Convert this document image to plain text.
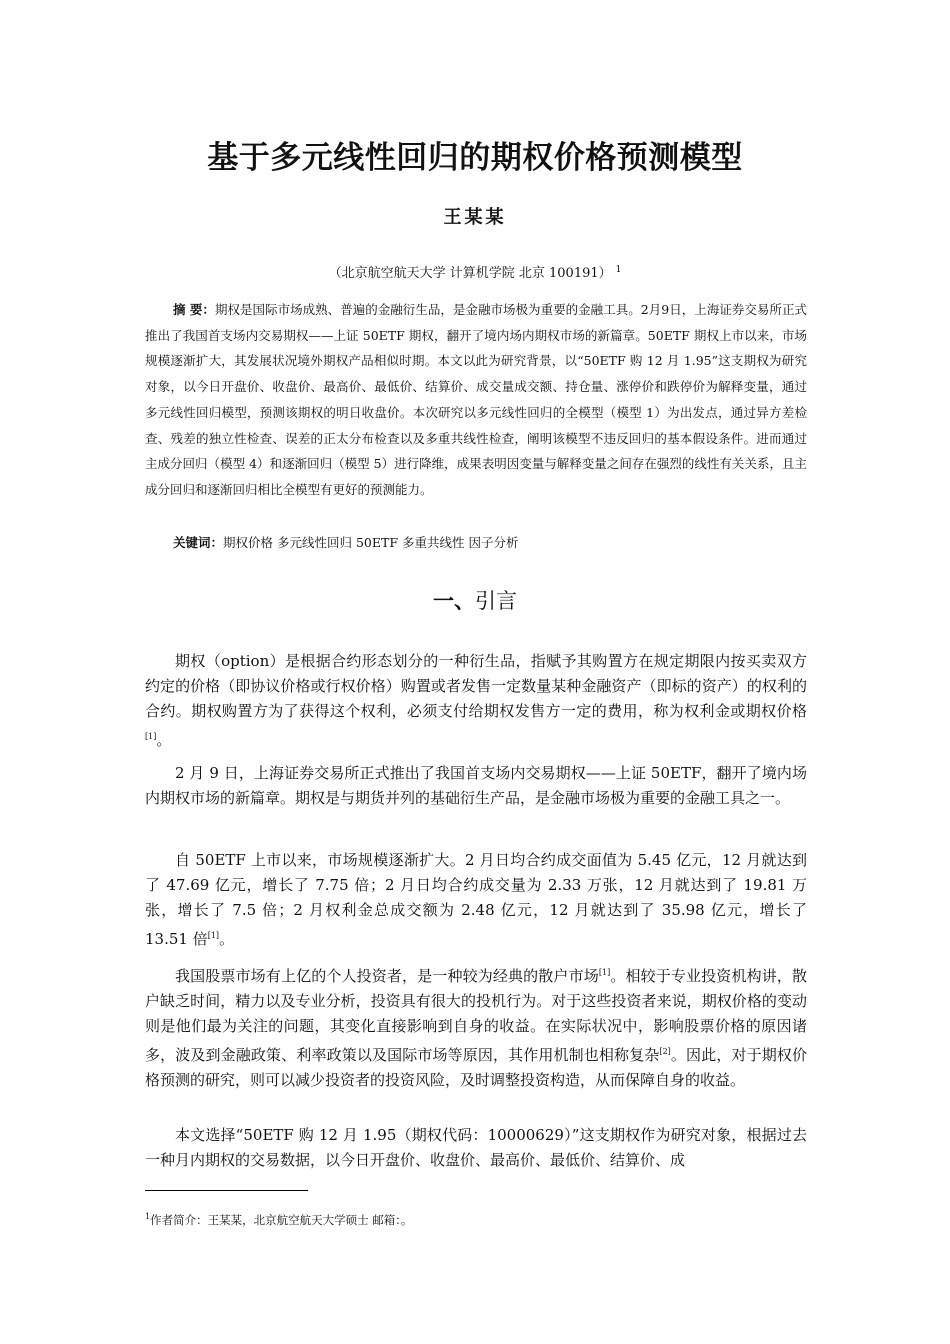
基于多元线性回归的期权价格预测模型
王某某
（北京航空航天大学 计算机学院 北京 100191） $^1$
摘 要：期权是国际市场成熟、普遍的金融衍生品，是金融市场极为重要的金融工具。2月9日，上海证券交易所正式推出了我国首支场内交易期权——上证 50ETF 期权，翻开了境内场内期权市场的新篇章。50ETF 期权上市以来，市场规模逐渐扩大，其发展状况境外期权产品相似时期。本文以此为研究背景，以“50ETF 购 12 月 1.95”这支期权为研究对象，以今日开盘价、收盘价、最高价、最低价、结算价、成交量成交额、持仓量、涨停价和跌停价为解释变量，通过多元线性回归模型，预测该期权的明日收盘价。本次研究以多元线性回归的全模型（模型 1）为出发点，通过异方差检查、残差的独立性检查、误差的正太分布检查以及多重共线性检查，阐明该模型不违反回归的基本假设条件。进而通过主成分回归（模型 4）和逐渐回归（模型 5）进行降维，成果表明因变量与解释变量之间存在强烈的线性有关关系，且主成分回归和逐渐回归相比全模型有更好的预测能力。
关键词：期权价格 多元线性回归 50ETF 多重共线性 因子分析
一、引言

期权（option）是根据合约形态划分的一种衍生品，指赋予其购置方在规定期限内按买卖双方约定的价格（即协议价格或行权价格）购置或者发售一定数量某种金融资产（即标的资产）的权利的合约。期权购置方为了获得这个权利，必须支付给期权发售方一定的费用，称为权利金或期权价格[1]。

2 月 9 日，上海证券交易所正式推出了我国首支场内交易期权——上证 50ETF，翻开了境内场内期权市场的新篇章。期权是与期货并列的基础衍生产品，是金融市场极为重要的金融工具之一。

自 50ETF 上市以来，市场规模逐渐扩大。2 月日均合约成交面值为 5.45 亿元，12 月就达到了 47.69 亿元，增长了 7.75 倍；2 月日均合约成交量为 2.33 万张，12 月就达到了 19.81 万张，增长了 7.5 倍；2 月权利金总成交额为 2.48 亿元，12 月就达到了 35.98 亿元，增长了 13.51 倍[1]。

我国股票市场有上亿的个人投资者，是一种较为经典的散户市场[1]。相较于专业投资机构讲，散户缺乏时间，精力以及专业分析，投资具有很大的投机行为。对于这些投资者来说，期权价格的变动则是他们最为关注的问题，其变化直接影响到自身的收益。在实际状况中，影响股票价格的原因诸多，波及到金融政策、利率政策以及国际市场等原因，其作用机制也相称复杂[2]。因此，对于期权价格预测的研究，则可以减少投资者的投资风险，及时调整投资构造，从而保障自身的收益。

本文选择“50ETF 购 12 月 1.95（期权代码：10000629）”这支期权作为研究对象，根据过去一种月内期权的交易数据，以今日开盘价、收盘价、最高价、最低价、结算价、成

$^1$作者简介：王某某，北京航空航天大学硕士 邮箱：。
